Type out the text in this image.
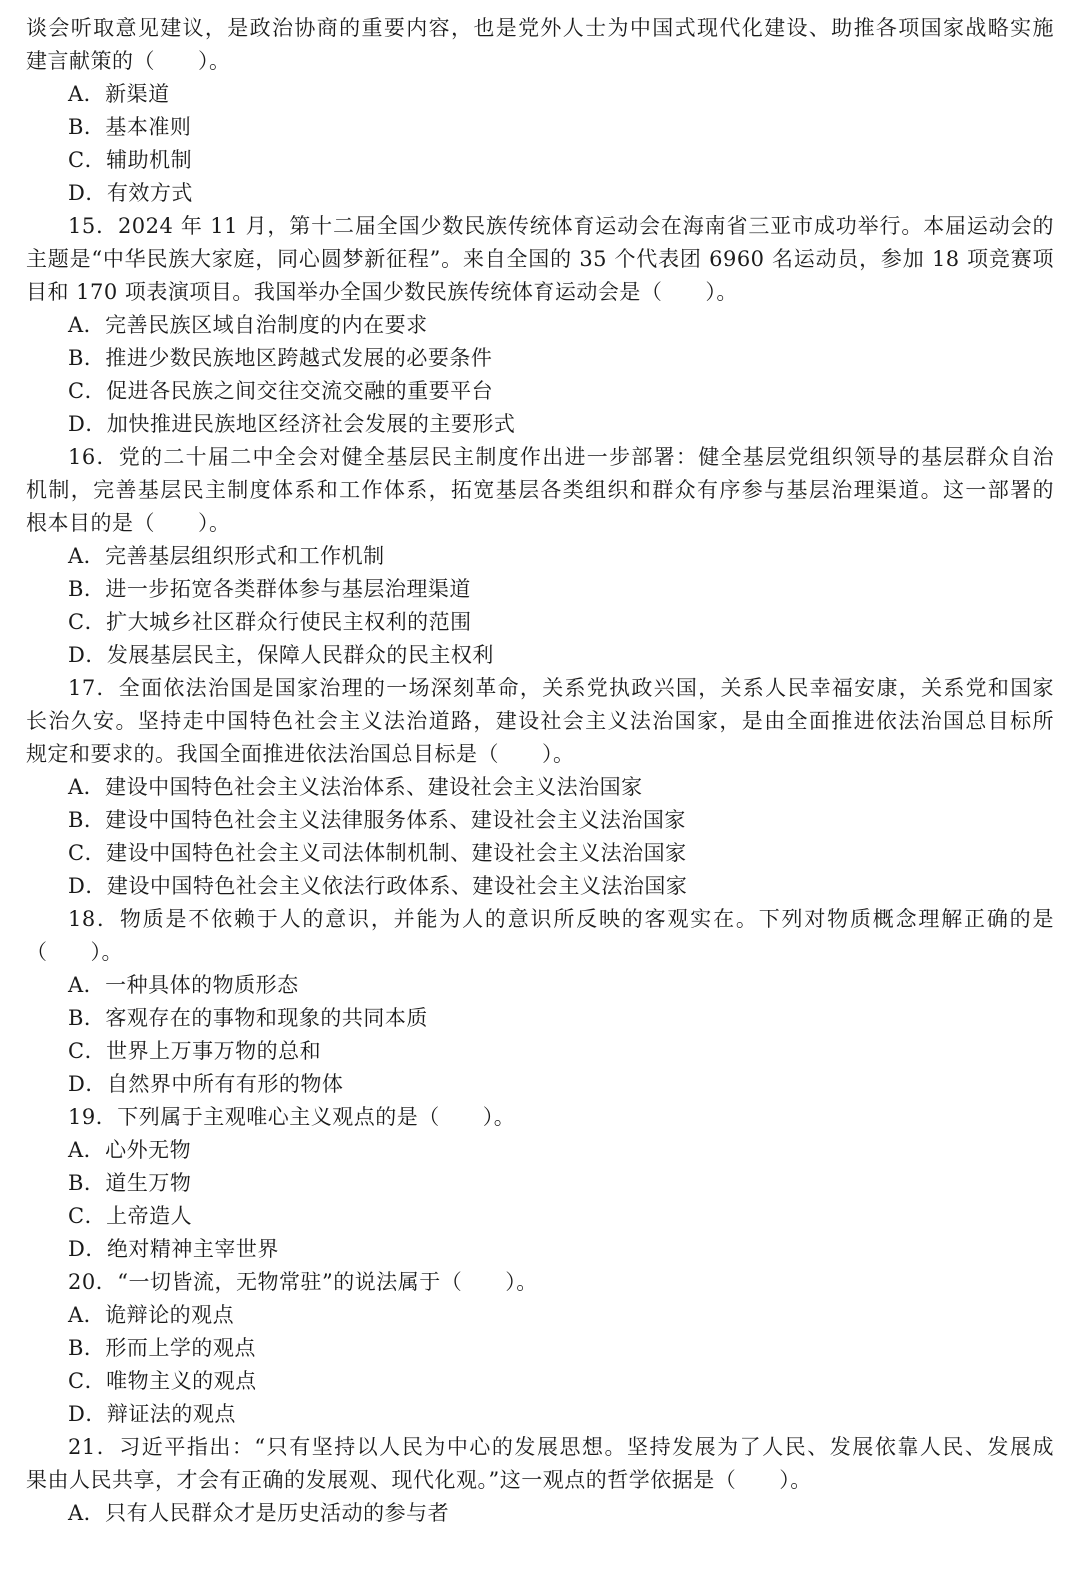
谈会听取意见建议，是政治协商的重要内容，也是党外人士为中国式现代化建设、助推各项国家战略实施
建言献策的（　　）。
A．新渠道
B．基本准则
C．辅助机制
D．有效方式
15．2024 年 11 月，第十二届全国少数民族传统体育运动会在海南省三亚市成功举行。本届运动会的
主题是“中华民族大家庭，同心圆梦新征程”。来自全国的 35 个代表团 6960 名运动员，参加 18 项竞赛项
目和 170 项表演项目。我国举办全国少数民族传统体育运动会是（　　）。
A．完善民族区域自治制度的内在要求
B．推进少数民族地区跨越式发展的必要条件
C．促进各民族之间交往交流交融的重要平台
D．加快推进民族地区经济社会发展的主要形式
16．党的二十届二中全会对健全基层民主制度作出进一步部署：健全基层党组织领导的基层群众自治
机制，完善基层民主制度体系和工作体系，拓宽基层各类组织和群众有序参与基层治理渠道。这一部署的
根本目的是（　　）。
A．完善基层组织形式和工作机制
B．进一步拓宽各类群体参与基层治理渠道
C．扩大城乡社区群众行使民主权利的范围
D．发展基层民主，保障人民群众的民主权利
17．全面依法治国是国家治理的一场深刻革命，关系党执政兴国，关系人民幸福安康，关系党和国家
长治久安。坚持走中国特色社会主义法治道路，建设社会主义法治国家，是由全面推进依法治国总目标所
规定和要求的。我国全面推进依法治国总目标是（　　）。
A．建设中国特色社会主义法治体系、建设社会主义法治国家
B．建设中国特色社会主义法律服务体系、建设社会主义法治国家
C．建设中国特色社会主义司法体制机制、建设社会主义法治国家
D．建设中国特色社会主义依法行政体系、建设社会主义法治国家
18．物质是不依赖于人的意识，并能为人的意识所反映的客观实在。下列对物质概念理解正确的是
（　　）。
A．一种具体的物质形态
B．客观存在的事物和现象的共同本质
C．世界上万事万物的总和
D．自然界中所有有形的物体
19．下列属于主观唯心主义观点的是（　　）。
A．心外无物
B．道生万物
C．上帝造人
D．绝对精神主宰世界
20．“一切皆流，无物常驻”的说法属于（　　）。
A．诡辩论的观点
B．形而上学的观点
C．唯物主义的观点
D．辩证法的观点
21．习近平指出：“只有坚持以人民为中心的发展思想。坚持发展为了人民、发展依靠人民、发展成
果由人民共享，才会有正确的发展观、现代化观。”这一观点的哲学依据是（　　）。
A．只有人民群众才是历史活动的参与者
